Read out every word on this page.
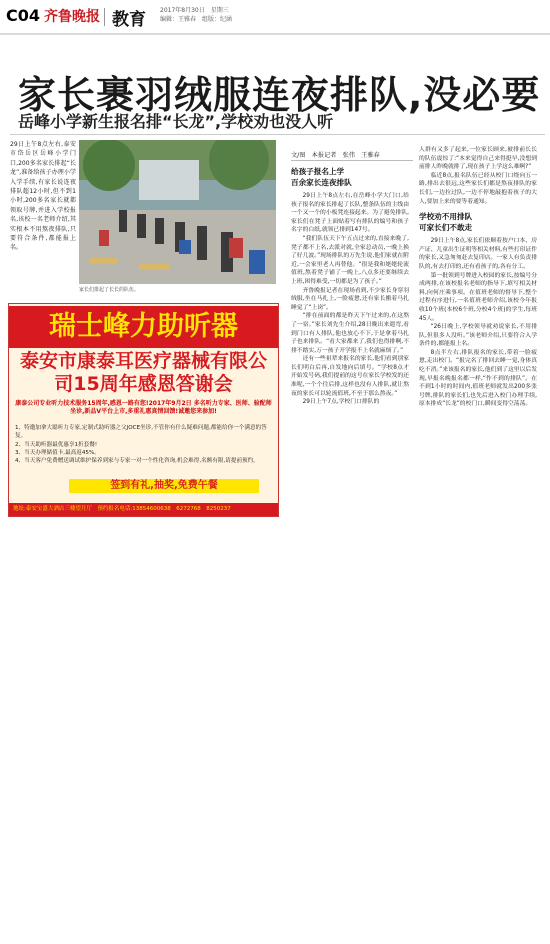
C04 齐鲁晚报 教育 2017年8月30日　星期三
编辑：王雅春　组版：纪涵
家长裹羽绒服连夜排队,没必要
岳峰小学新生报名排“长龙”,学校劝也没人听
29日上午8点左右,泰安市岱岳区岳峰小学门口,200多名家长排起“长龙”,准备给孩子办理小学入学手续,有家长说连夜排队超12小时,但不到1小时,200多名家长就都领取号牌,并进入学校报名,该校一名老师介绍,其实根本不用熬夜排队,只要符合条件,都能报上名。
家长们排起了长长的队伍。
瑞士峰力助听器
泰安市康泰耳医疗器械有限公司15周年感恩答谢会
康泰公司专业听力技术服务15周年,感恩一路有您!2017年9月2日 多名听力专家、医师、验配师坐诊,新品V平台上市,多重礼惠真情回馈!诚邀您来参加!
1、特邀加拿大聪听力专家,定制式助听器之父JOCE坐诊,不管你有什么疑难问题,都能给你一个满意的答复。
2、当天助听器最优惠享1折套餐!
3、当天办理储值卡,最高返45%。
4、当天客户免费赠送调试维护保养到家与专家一对一个性化咨询,机会难得,名额有限,请提前预约。
签到有礼,抽奖,免费午餐
地址:泰安宝盛大酒店三楼望月厅　预约报名电话:13854600638　6272768　8250237
文/图　本报记者　张伟　王雅春
给孩子报名上学
百余家长连夜排队

29日上午8点左右,在岳峰小学大门口,给孩子报名的家长排起了长队,整条队伍的主线由一个又一个的小板凳连接起来。为了避免排队,家长们在凳子上面贴着写有排队的编号和孩子名字的白纸,就领已排到147号。

“我们队伍天下午五点过来的,直接来晚了,凳子都不上名,去派对就,全家总动员,一晚上换了好几波。”现场排队的万先生说,他们家就在附近,一会家里老人再替他。“很是我和姥姥轮流值班,熬着凳子铺了一晚上,八点多还要继续去上班,困得难受,一切都是为了孩子。”

齐鲁晚报记者在现场看到,不少家长身穿羽绒服,坐在马扎上,一脸疲惫,还有家长搬着马扎睡觉了“上岗”。

“排在前面的都是昨天下午过来的,在这熬了一宿。”家长刘先生介绍,28日晚出来遛弯,看到门口有人排队,他也放心不下,于是拿着马扎子也来排队。“看大家都来了,我们也得排啊,不排不踏实,万一孩子开学报不上名就麻烦了。”

还有一些祖辈来报名的家长,他们看到别家长们明白后再,自发地向后填号。“学校8点才开始发号码,我们提前的这号在家长学校发的还准呢,一个个往后排,这样也没有人排队,就让熬夜的家长可以轮流值班,不至于那么熬夜。”

29日上午7点,学校门口排队的

人群有又多了起来,一位家长顾来,被排前长长的队伍震惊了:“本来觉得自己来得挺早,没想到前排人昨晚就排了,现在孩子上学这么难啊?”

临近8点,报名队伍已经从校门口绕向五一路,排出去很远,这些家长们都是熬夜排队的家长们,一边拉过队,一边不停地敲抱着孩子的大人,要加上来的要等着通知。

学校劝不用排队
可家长们不敢走

29日上午8点,家长们依顺着按户口本、房产证、儿童出生证明等相关材料,有些打印证件的家长,又急匆匆赶去复印店。一家人有负责排队的,有去打印的,还有看孩子的,各有分工。

第一批领到号牌进入校园的家长,按编号分成两排,在该校报名老师的指导下,填写相关材料,向何庄乘事项。在值班老师的督导下,整个过程有序进行,一名值班老师介绍,该校今年报收10个班(本校6个班,分校4个班)的学生,每班45人。

“26日晚上,学校领导就劝说家长,不用排队,但很多人没听。”该老师介绍,只要符合入学条件的,都能报上名。

8点半左右,排队报名的家长,带着一脸疲惫,走出校门。“报完名了排回去睡一觉,身体真吃不消。”来该报名的家长,他们到了这里以后发现,早报名晚报名都一样,“作不到的排队”。在不到1小时的时间内,值班老师就发出200多张号牌,排队的家长们,也先后进入校门办理手续,原本排成“长龙”的校门口,瞬间变得空荡荡。
